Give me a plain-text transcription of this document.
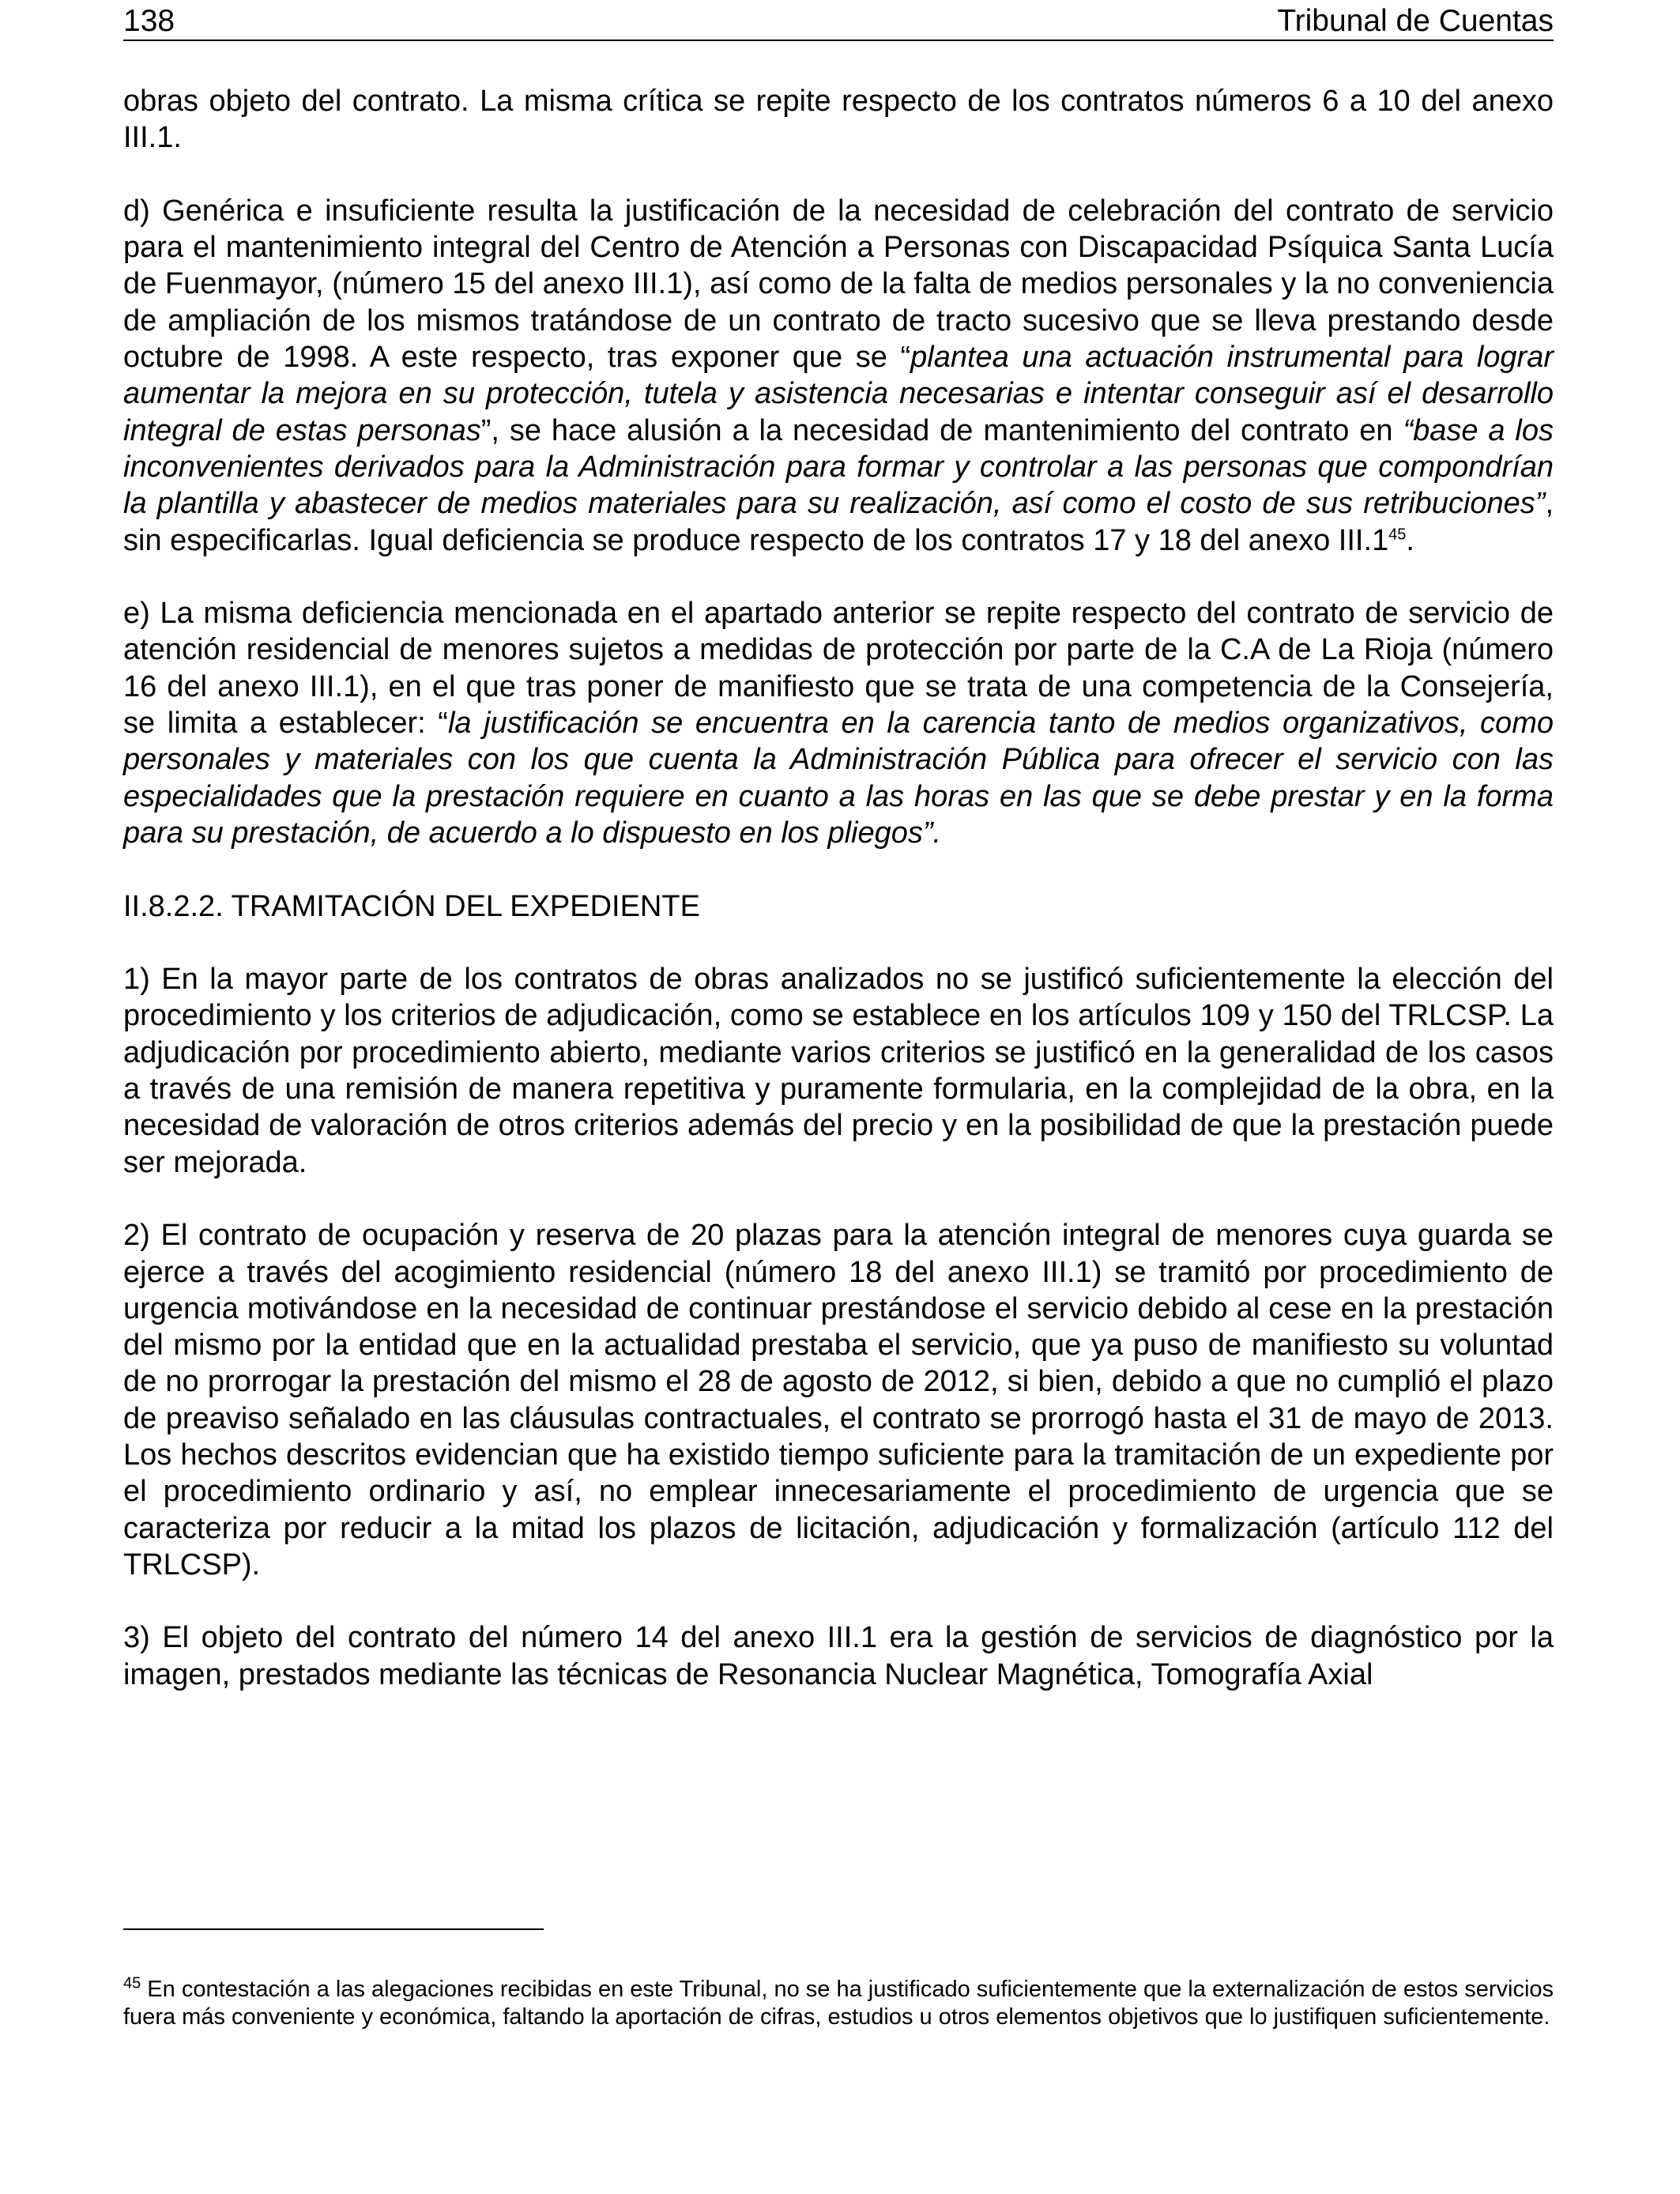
138	Tribunal de Cuentas

obras objeto del contrato. La misma crítica se repite respecto de los contratos números 6 a 10 del anexo III.1.

d) Genérica e insuficiente resulta la justificación de la necesidad de celebración del contrato de servicio para el mantenimiento integral del Centro de Atención a Personas con Discapacidad Psíquica Santa Lucía de Fuenmayor, (número 15 del anexo III.1), así como de la falta de medios personales y la no conveniencia de ampliación de los mismos tratándose de un contrato de tracto sucesivo que se lleva prestando desde octubre de 1998. A este respecto, tras exponer que se “plantea una actuación instrumental para lograr aumentar la mejora en su protección, tutela y asistencia necesarias e intentar conseguir así el desarrollo integral de estas personas”, se hace alusión a la necesidad de mantenimiento del contrato en “base a los inconvenientes derivados para la Administración para formar y controlar a las personas que compondrían la plantilla y abastecer de medios materiales para su realización, así como el costo de sus retribuciones”, sin especificarlas. Igual deficiencia se produce respecto de los contratos 17 y 18 del anexo III.1$^{45}$.

e) La misma deficiencia mencionada en el apartado anterior se repite respecto del contrato de servicio de atención residencial de menores sujetos a medidas de protección por parte de la C.A de La Rioja (número 16 del anexo III.1), en el que tras poner de manifiesto que se trata de una competencia de la Consejería, se limita a establecer: “la justificación se encuentra en la carencia tanto de medios organizativos, como personales y materiales con los que cuenta la Administración Pública para ofrecer el servicio con las especialidades que la prestación requiere en cuanto a las horas en las que se debe prestar y en la forma para su prestación, de acuerdo a lo dispuesto en los pliegos”.

II.8.2.2. TRAMITACIÓN DEL EXPEDIENTE

1) En la mayor parte de los contratos de obras analizados no se justificó suficientemente la elección del procedimiento y los criterios de adjudicación, como se establece en los artículos 109 y 150 del TRLCSP. La adjudicación por procedimiento abierto, mediante varios criterios se justificó en la generalidad de los casos a través de una remisión de manera repetitiva y puramente formularia, en la complejidad de la obra, en la necesidad de valoración de otros criterios además del precio y en la posibilidad de que la prestación puede ser mejorada.

2) El contrato de ocupación y reserva de 20 plazas para la atención integral de menores cuya guarda se ejerce a través del acogimiento residencial (número 18 del anexo III.1) se tramitó por procedimiento de urgencia motivándose en la necesidad de continuar prestándose el servicio debido al cese en la prestación del mismo por la entidad que en la actualidad prestaba el servicio, que ya puso de manifiesto su voluntad de no prorrogar la prestación del mismo el 28 de agosto de 2012, si bien, debido a que no cumplió el plazo de preaviso señalado en las cláusulas contractuales, el contrato se prorrogó hasta el 31 de mayo de 2013. Los hechos descritos evidencian que ha existido tiempo suficiente para la tramitación de un expediente por el procedimiento ordinario y así, no emplear innecesariamente el procedimiento de urgencia que se caracteriza por reducir a la mitad los plazos de licitación, adjudicación y formalización (artículo 112 del TRLCSP).

3) El objeto del contrato del número 14 del anexo III.1 era la gestión de servicios de diagnóstico por la imagen, prestados mediante las técnicas de Resonancia Nuclear Magnética, Tomografía Axial

$^{45}$ En contestación a las alegaciones recibidas en este Tribunal, no se ha justificado suficientemente que la externalización de estos servicios fuera más conveniente y económica, faltando la aportación de cifras, estudios u otros elementos objetivos que lo justifiquen suficientemente.
